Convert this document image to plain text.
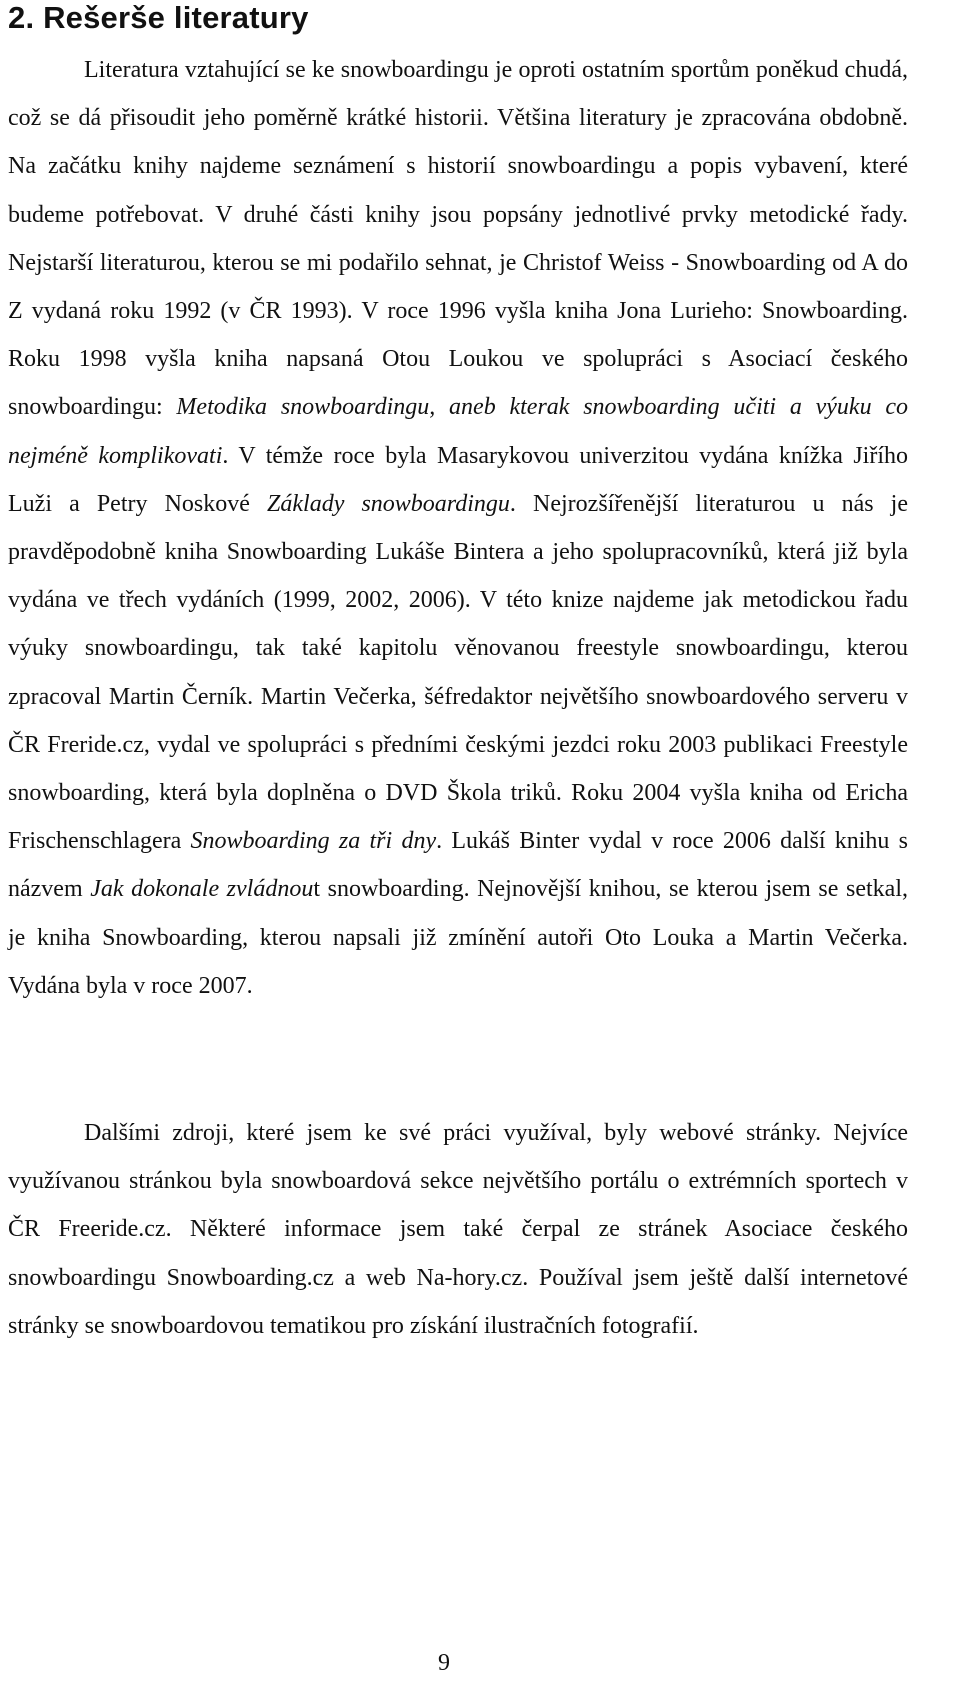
2. Rešerše literatury

Literatura vztahující se ke snowboardingu je oproti ostatním sportům poněkud chudá, což se dá přisoudit jeho poměrně krátké historii. Většina literatury je zpracována obdobně. Na začátku knihy najdeme seznámení s historií snowboardingu a popis vybavení, které budeme potřebovat. V druhé části knihy jsou popsány jednotlivé prvky metodické řady. Nejstarší literaturou, kterou se mi podařilo sehnat, je Christof Weiss - Snowboarding od A do Z vydaná roku 1992 (v ČR 1993). V roce 1996 vyšla kniha Jona Lurieho: Snowboarding. Roku 1998 vyšla kniha napsaná Otou Loukou ve spolupráci s Asociací českého snowboardingu: Metodika snowboardingu, aneb kterak snowboarding učiti a výuku co nejméně komplikovati. V témže roce byla Masarykovou univerzitou vydána knížka Jiřího Luži a Petry Noskové Základy snowboardingu. Nejrozšířenější literaturou u nás je pravděpodobně kniha Snowboarding Lukáše Bintera a jeho spolupracovníků, která již byla vydána ve třech vydáních (1999, 2002, 2006). V této knize najdeme jak metodickou řadu výuky snowboardingu, tak také kapitolu věnovanou freestyle snowboardingu, kterou zpracoval Martin Černík. Martin Večerka, šéfredaktor největšího snowboardového serveru v ČR Freride.cz, vydal ve spolupráci s předními českými jezdci roku 2003 publikaci Freestyle snowboarding, která byla doplněna o DVD Škola triků. Roku 2004 vyšla kniha od Ericha Frischenschlagera Snowboarding za tři dny. Lukáš Binter vydal v roce 2006 další knihu s názvem Jak dokonale zvládnout snowboarding. Nejnovější knihou, se kterou jsem se setkal, je kniha Snowboarding, kterou napsali již zmínění autoři Oto Louka a Martin Večerka. Vydána byla v roce 2007.

Dalšími zdroji, které jsem ke své práci využíval, byly webové stránky. Nejvíce využívanou stránkou byla snowboardová sekce největšího portálu o extrémních sportech v ČR Freeride.cz. Některé informace jsem také čerpal ze stránek Asociace českého snowboardingu Snowboarding.cz a web Na-hory.cz. Používal jsem ještě další internetové stránky se snowboardovou tematikou pro získání ilustračních fotografií.

9
